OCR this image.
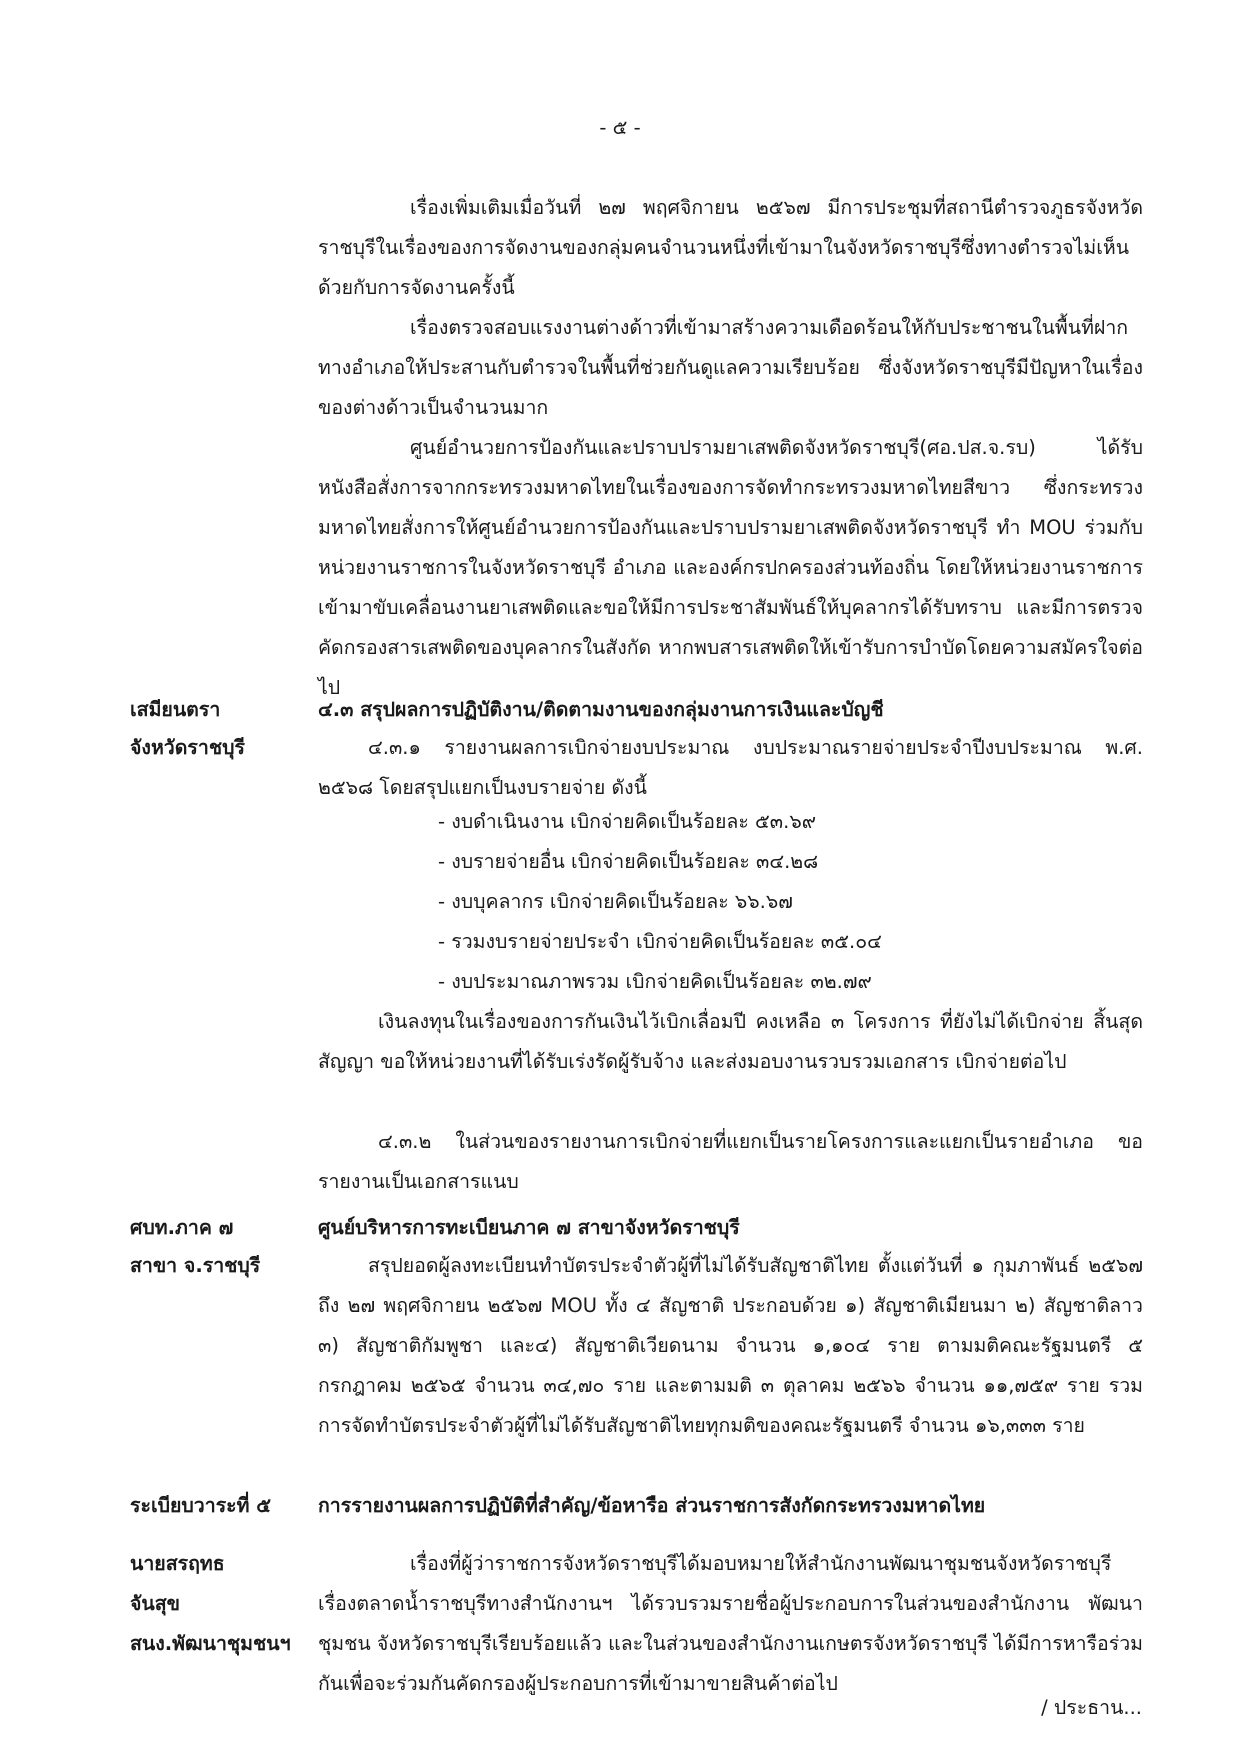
- ๕ -
เรื่องเพิ่มเติมเมื่อวันที่ ๒๗ พฤศจิกายน ๒๕๖๗ มีการประชุมที่สถานีตำรวจภูธรจังหวัดราชบุรีในเรื่องของการจัดงานของกลุ่มคนจำนวนหนึ่งที่เข้ามาในจังหวัดราชบุรีซึ่งทางตำรวจไม่เห็นด้วยกับการจัดงานครั้งนี้
เรื่องตรวจสอบแรงงานต่างด้าวที่เข้ามาสร้างความเดือดร้อนให้กับประชาชนในพื้นที่ฝากทางอำเภอให้ประสานกับตำรวจในพื้นที่ช่วยกันดูแลความเรียบร้อย ซึ่งจังหวัดราชบุรีมีปัญหาในเรื่องของต่างด้าวเป็นจำนวนมาก
ศูนย์อำนวยการป้องกันและปราบปรามยาเสพติดจังหวัดราชบุรี(ศอ.ปส.จ.รบ) ได้รับหนังสือสั่งการจากกระทรวงมหาดไทยในเรื่องของการจัดทำกระทรวงมหาดไทยสีขาว ซึ่งกระทรวงมหาดไทยสั่งการให้ศูนย์อำนวยการป้องกันและปราบปรามยาเสพติดจังหวัดราชบุรี ทำ MOU ร่วมกับหน่วยงานราชการในจังหวัดราชบุรี อำเภอ และองค์กรปกครองส่วนท้องถิ่น โดยให้หน่วยงานราชการเข้ามาขับเคลื่อนงานยาเสพติดและขอให้มีการประชาสัมพันธ์ให้บุคลากรได้รับทราบ และมีการตรวจคัดกรองสารเสพติดของบุคลากรในสังกัด หากพบสารเสพติดให้เข้ารับการบำบัดโดยความสมัครใจต่อไป
เสมียนตรา
จังหวัดราชบุรี
๔.๓ สรุปผลการปฏิบัติงาน/ติดตามงานของกลุ่มงานการเงินและบัญชี
๔.๓.๑ รายงานผลการเบิกจ่ายงบประมาณ งบประมาณรายจ่ายประจำปีงบประมาณ พ.ศ. ๒๕๖๘ โดยสรุปแยกเป็นงบรายจ่าย ดังนี้
- งบดำเนินงาน เบิกจ่ายคิดเป็นร้อยละ ๕๓.๖๙
- งบรายจ่ายอื่น เบิกจ่ายคิดเป็นร้อยละ ๓๔.๒๘
- งบบุคลากร เบิกจ่ายคิดเป็นร้อยละ ๖๖.๖๗
- รวมงบรายจ่ายประจำ เบิกจ่ายคิดเป็นร้อยละ ๓๕.๐๔
- งบประมาณภาพรวม เบิกจ่ายคิดเป็นร้อยละ ๓๒.๗๙
เงินลงทุนในเรื่องของการกันเงินไว้เบิกเลื่อมปี คงเหลือ ๓ โครงการ ที่ยังไม่ได้เบิกจ่าย สิ้นสุดสัญญา ขอให้หน่วยงานที่ได้รับเร่งรัดผู้รับจ้าง และส่งมอบงานรวบรวมเอกสาร เบิกจ่ายต่อไป
๔.๓.๒ ในส่วนของรายงานการเบิกจ่ายที่แยกเป็นรายโครงการและแยกเป็นรายอำเภอ ขอรายงานเป็นเอกสารแนบ
ศบท.ภาค ๗
สาขา จ.ราชบุรี
ศูนย์บริหารการทะเบียนภาค ๗ สาขาจังหวัดราชบุรี
สรุปยอดผู้ลงทะเบียนทำบัตรประจำตัวผู้ที่ไม่ได้รับสัญชาติไทย ตั้งแต่วันที่ ๑ กุมภาพันธ์ ๒๕๖๗ ถึง ๒๗ พฤศจิกายน ๒๕๖๗ MOU ทั้ง ๔ สัญชาติ ประกอบด้วย ๑) สัญชาติเมียนมา ๒) สัญชาติลาว ๓) สัญชาติกัมพูชา และ๔) สัญชาติเวียดนาม จำนวน ๑,๑๐๔ ราย ตามมติคณะรัฐมนตรี ๕ กรกฎาคม ๒๕๖๕ จำนวน ๓๔,๗๐ ราย และตามมติ ๓ ตุลาคม ๒๕๖๖ จำนวน ๑๑,๗๕๙ ราย รวมการจัดทำบัตรประจำตัวผู้ที่ไม่ได้รับสัญชาติไทยทุกมติของคณะรัฐมนตรี จำนวน ๑๖,๓๓๓ ราย
ระเบียบวาระที่ ๕ การรายงานผลการปฏิบัติที่สำคัญ/ข้อหารือ ส่วนราชการสังกัดกระทรวงมหาดไทย
นายสรฤทธ
จันสุข
สนง.พัฒนาชุมชนฯ
เรื่องที่ผู้ว่าราชการจังหวัดราชบุรีได้มอบหมายให้สำนักงานพัฒนาชุมชนจังหวัดราชบุรี เรื่องตลาดน้ำราชบุรีทางสำนักงานฯ ได้รวบรวมรายชื่อผู้ประกอบการในส่วนของสำนักงาน พัฒนาชุมชน จังหวัดราชบุรีเรียบร้อยแล้ว และในส่วนของสำนักงานเกษตรจังหวัดราชบุรี ได้มีการหารือร่วมกันเพื่อจะร่วมกันคัดกรองผู้ประกอบการที่เข้ามาขายสินค้าต่อไป
/ ประธาน...
